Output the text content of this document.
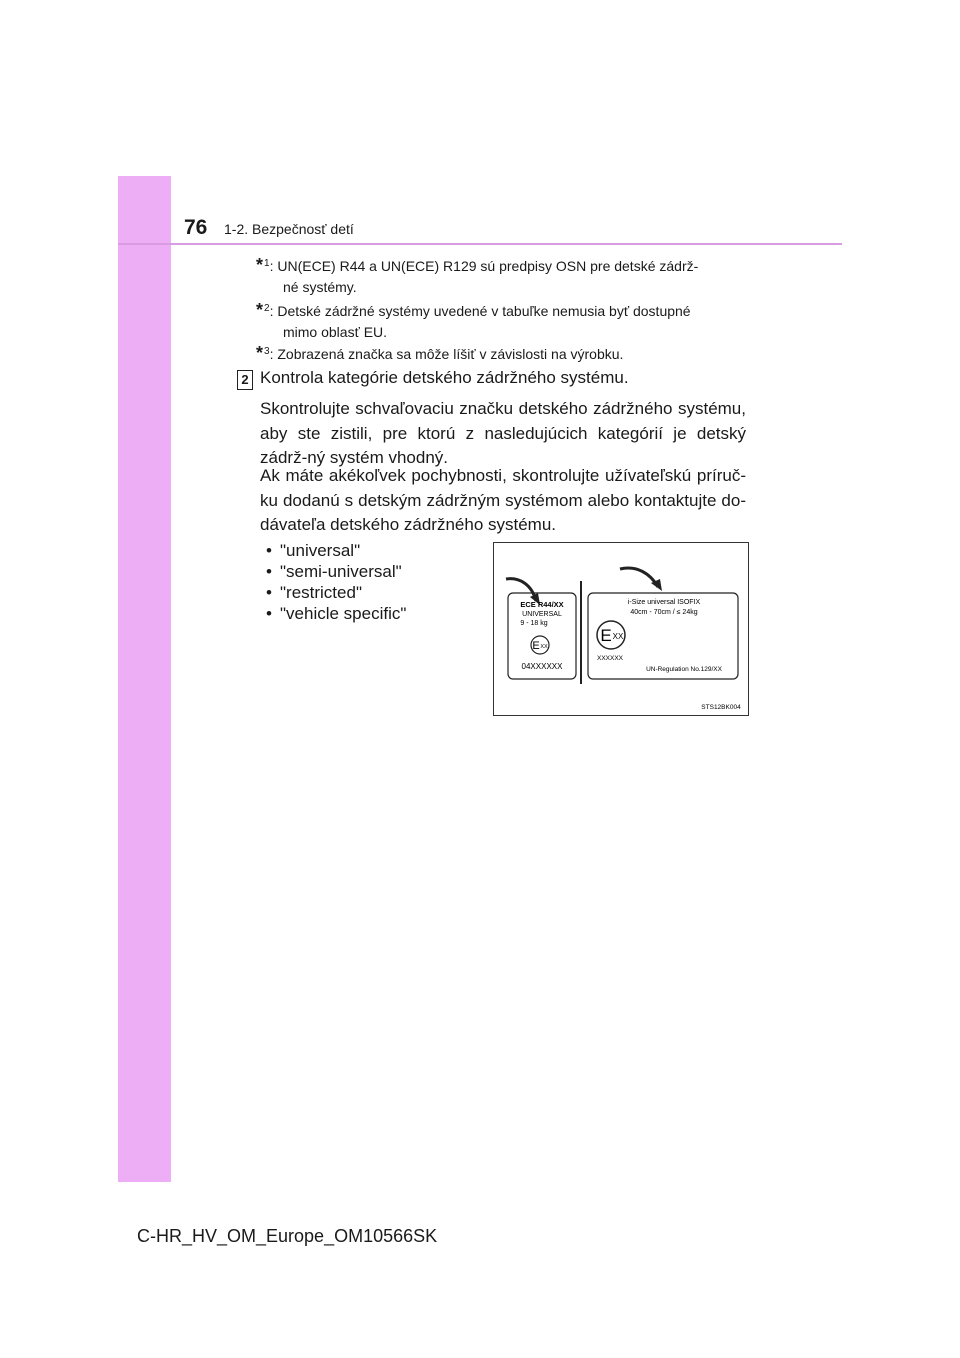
76 1-2. Bezpečnosť detí
*$^1$: UN(ECE) R44 a UN(ECE) R129 sú predpisy OSN pre detské zádrž-
né systémy.
*$^2$: Detské zádržné systémy uvedené v tabuľke nemusia byť dostupné
mimo oblasť EU.
*$^3$: Zobrazená značka sa môže líšiť v závislosti na výrobku.
2 Kontrola kategórie detského zádržného systému.
Skontrolujte schvaľovaciu značku detského zádržného systému, aby ste zistili, pre ktorú z nasledujúcich kategórií je detský zádrž-ný systém vhodný.
Ak máte akékoľvek pochybnosti, skontrolujte užívateľskú príruč-ku dodanú s detským zádržným systémom alebo kontaktujte do-dávateľa detského zádržného systému.
• "universal"
• "semi-universal"
• "restricted"
• "vehicle specific"	ECE R44/XX
UNIVERSAL
9 - 18 kg
E XX
04XXXXXX
i-Size universal ISOFIX
40cm - 70cm / ≤ 24kg
E XX
XXXXXX
UN-Regulation No.129/XX
STS12BK004
C-HR_HV_OM_Europe_OM10566SK
